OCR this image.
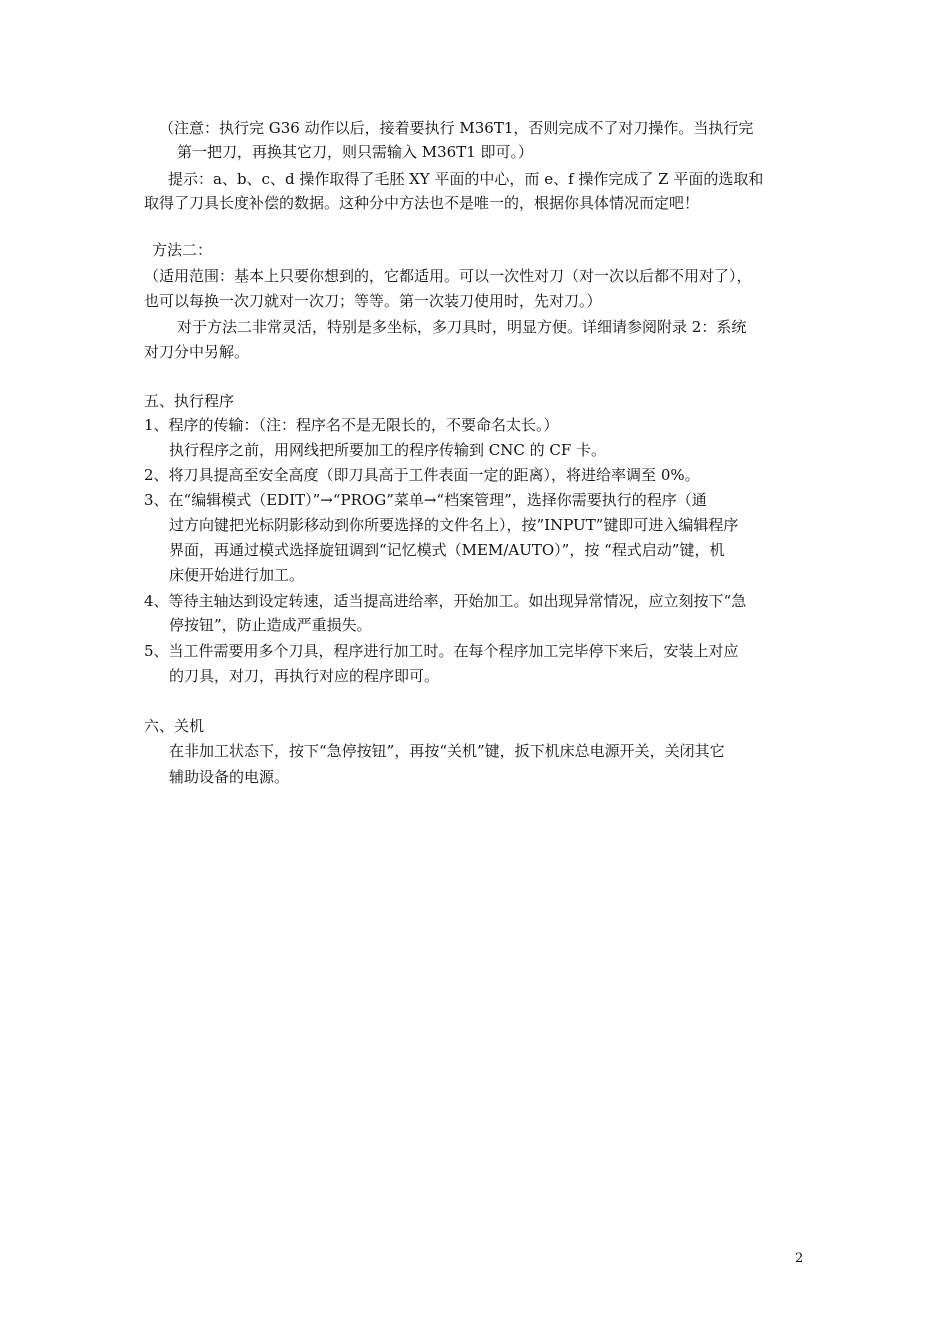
（注意：执行完 G36 动作以后，接着要执行 M36T1，否则完成不了对刀操作。当执行完

第一把刀，再换其它刀，则只需输入 M36T1 即可。）

提示：a、b、c、d 操作取得了毛胚 XY 平面的中心，而 e、f 操作完成了 Z 平面的选取和

取得了刀具长度补偿的数据。这种分中方法也不是唯一的，根据你具体情况而定吧！

方法二：

（适用范围：基本上只要你想到的，它都适用。可以一次性对刀（对一次以后都不用对了），

也可以每换一次刀就对一次刀；等等。第一次装刀使用时，先对刀。）

对于方法二非常灵活，特别是多坐标，多刀具时，明显方便。详细请参阅附录 2：系统

对刀分中另解。

五、执行程序

1、程序的传输：（注：程序名不是无限长的，不要命名太长。）

执行程序之前，用网线把所要加工的程序传输到 CNC 的 CF 卡。

2、将刀具提高至安全高度（即刀具高于工件表面一定的距离），将进给率调至 0%。

3、在“编辑模式（EDIT）”→“PROG”菜单→“档案管理”，选择你需要执行的程序（通

过方向键把光标阴影移动到你所要选择的文件名上），按”INPUT”键即可进入编辑程序

界面，再通过模式选择旋钮调到“记忆模式（MEM/AUTO）”，按 “程式启动”键，机

床便开始进行加工。

4、等待主轴达到设定转速，适当提高进给率，开始加工。如出现异常情况，应立刻按下“急

停按钮”，防止造成严重损失。

5、当工件需要用多个刀具，程序进行加工时。在每个程序加工完毕停下来后，安装上对应

的刀具，对刀，再执行对应的程序即可。

六、关机

在非加工状态下，按下“急停按钮”，再按“关机”键，扳下机床总电源开关，关闭其它

辅助设备的电源。

2
